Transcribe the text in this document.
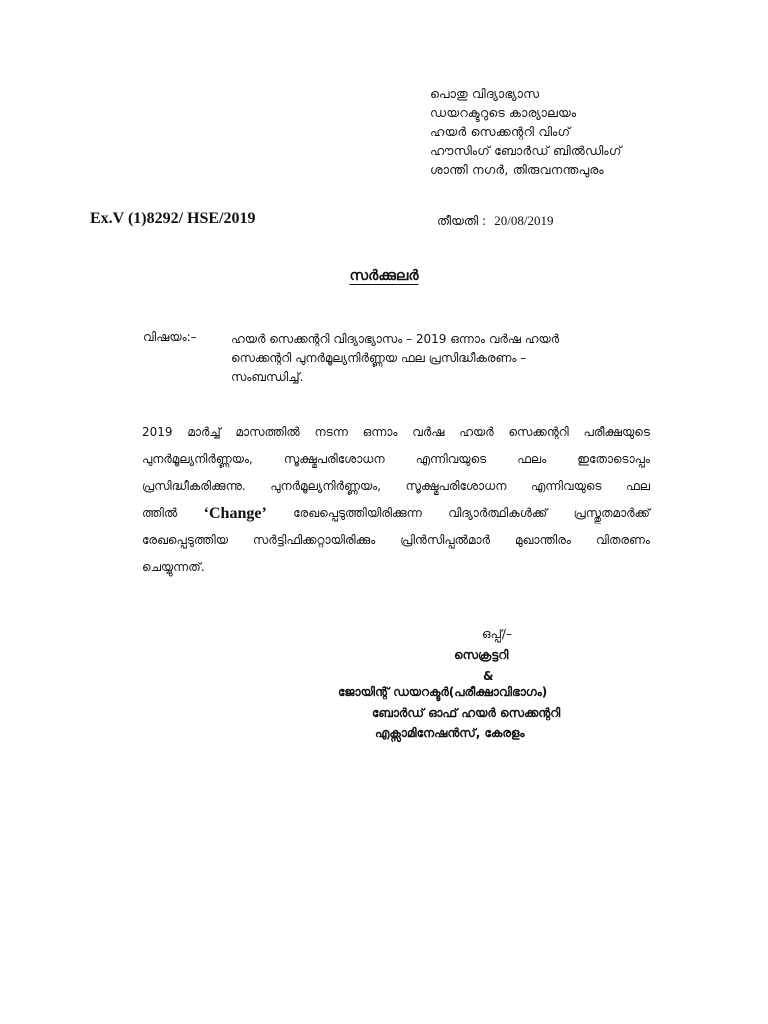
പൊതു വിദ്യാഭ്യാസ
ഡയറക്ടറുടെ കാര്യാലയം
ഹയർ സെക്കന്ററി വിംഗ്
ഹൗസിംഗ് ബോർഡ് ബിൽഡിംഗ്
ശാന്തി നഗർ, തിരുവനന്തപുരം
Ex.V (1)8292/ HSE/2019	തീയതി : 20/08/2019
സർക്കുലർ
വിഷയം:–	ഹയർ സെക്കന്ററി വിദ്യാഭ്യാസം – 2019 ഒന്നാം വർഷ ഹയർ
സെക്കന്ററി പുനർമൂല്യനിർണ്ണയ ഫല പ്രസിദ്ധീകരണം –
സംബന്ധിച്ച്.
2019 മാർച്ച് മാസത്തിൽ നടന്ന ഒന്നാം വർഷ ഹയർ സെക്കന്ററി പരീക്ഷയുടെ
പുനർമൂല്യനിർണ്ണയം,	സൂക്ഷ്മപരിശോധന	എന്നിവയുടെ	ഫലം	ഇതോടൊപ്പം
പ്രസിദ്ധീകരിക്കുന്നു. പുനർമൂല്യനിർണ്ണയം, സൂക്ഷ്മപരിശോധന എന്നിവയുടെ ഫല
ത്തിൽ ‘Change’ രേഖപ്പെടുത്തിയിരിക്കുന്ന വിദ്യാർത്ഥികൾക്ക് പ്രസ്തുതമാർക്ക്
രേഖപ്പെടുത്തിയ സർട്ടിഫിക്കറ്റായിരിക്കും പ്രിൻസിപ്പൽമാർ മുഖാന്തിരം വിതരണം
ചെയ്യുന്നത്.
ഒപ്പ്/–
സെക്രട്ടറി
&
ജോയിന്റ് ഡയറക്ടർ(പരീക്ഷാവിഭാഗം)
ബോർഡ് ഓഫ് ഹയർ സെക്കന്ററി
എക്സാമിനേഷൻസ്, കേരളം
